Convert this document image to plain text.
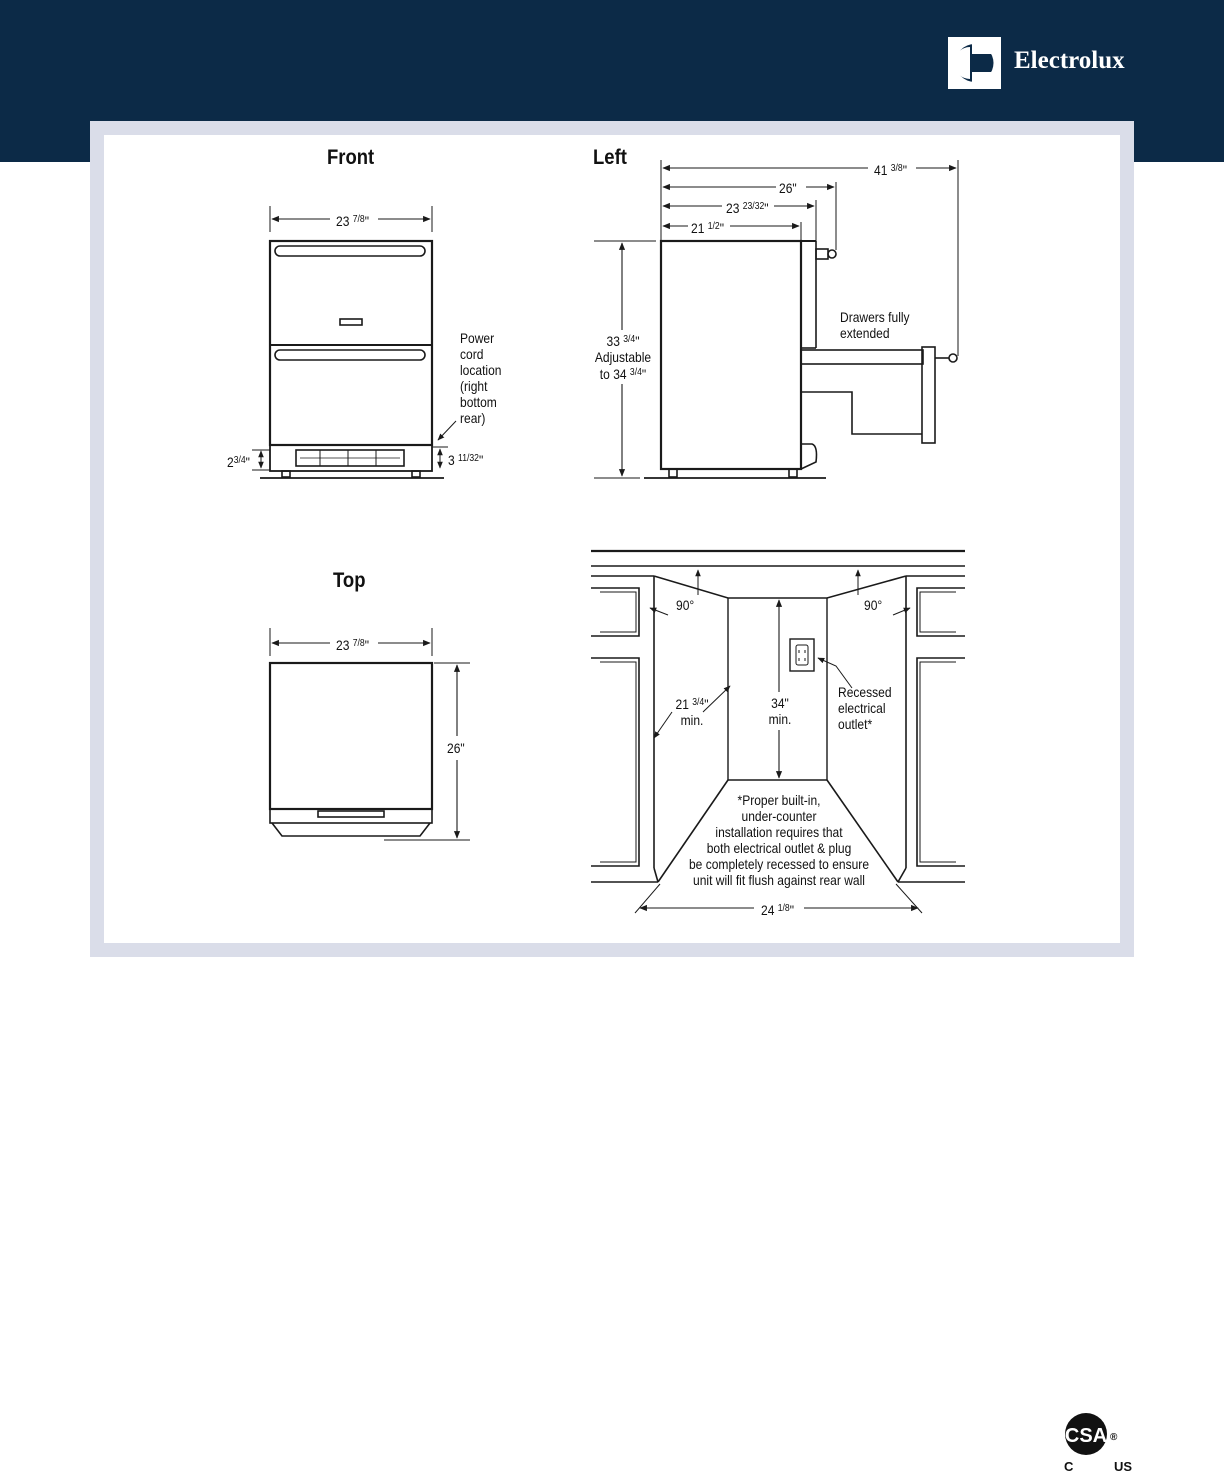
Electrolux
Front
23 $^{7/8}$"
Power
cord
location
(right
bottom
rear)
$2^{3/4}$"	3 $^{11/32}$"
Left
41 $^{3/8}$"
26"
23 $^{23/32}$"
21 $^{1/2}$"
33 $^{3/4}$"
Adjustable
to 34 $^{3/4}$"
Drawers fully
extended
Top
23 $^{7/8}$"
26"
90°	90°
21 $^{3/4}$"
min.
34"
min.
Recessed
electrical
outlet*
*Proper built-in,
under-counter
installation requires that
both electrical outlet & plug
be completely recessed to ensure
unit will fit flush against rear wall
24 $^{1/8}$"
CSA ®
C	US
